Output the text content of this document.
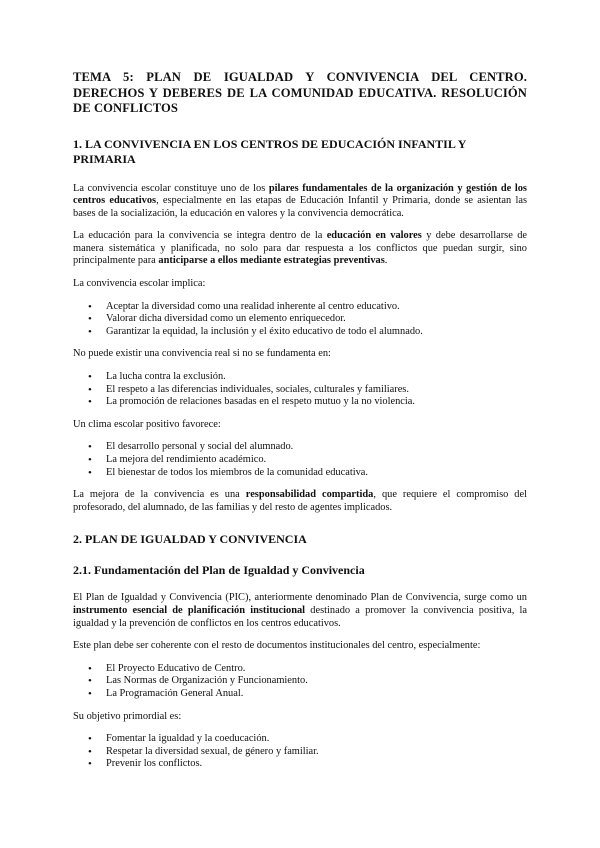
TEMA 5: PLAN DE IGUALDAD Y CONVIVENCIA DEL CENTRO. DERECHOS Y DEBERES DE LA COMUNIDAD EDUCATIVA. RESOLUCIÓN DE CONFLICTOS
1. LA CONVIVENCIA EN LOS CENTROS DE EDUCACIÓN INFANTIL Y PRIMARIA

La convivencia escolar constituye uno de los pilares fundamentales de la organización y gestión de los centros educativos, especialmente en las etapas de Educación Infantil y Primaria, donde se asientan las bases de la socialización, la educación en valores y la convivencia democrática.

La educación para la convivencia se integra dentro de la educación en valores y debe desarrollarse de manera sistemática y planificada, no solo para dar respuesta a los conflictos que puedan surgir, sino principalmente para anticiparse a ellos mediante estrategias preventivas.

La convivencia escolar implica:

• Aceptar la diversidad como una realidad inherente al centro educativo.
• Valorar dicha diversidad como un elemento enriquecedor.
• Garantizar la equidad, la inclusión y el éxito educativo de todo el alumnado.

No puede existir una convivencia real si no se fundamenta en:

• La lucha contra la exclusión.
• El respeto a las diferencias individuales, sociales, culturales y familiares.
• La promoción de relaciones basadas en el respeto mutuo y la no violencia.

Un clima escolar positivo favorece:

• El desarrollo personal y social del alumnado.
• La mejora del rendimiento académico.
• El bienestar de todos los miembros de la comunidad educativa.

La mejora de la convivencia es una responsabilidad compartida, que requiere el compromiso del profesorado, del alumnado, de las familias y del resto de agentes implicados.

2. PLAN DE IGUALDAD Y CONVIVENCIA
2.1. Fundamentación del Plan de Igualdad y Convivencia

El Plan de Igualdad y Convivencia (PIC), anteriormente denominado Plan de Convivencia, surge como un instrumento esencial de planificación institucional destinado a promover la convivencia positiva, la igualdad y la prevención de conflictos en los centros educativos.

Este plan debe ser coherente con el resto de documentos institucionales del centro, especialmente:

• El Proyecto Educativo de Centro.
• Las Normas de Organización y Funcionamiento.
• La Programación General Anual.

Su objetivo primordial es:

• Fomentar la igualdad y la coeducación.
• Respetar la diversidad sexual, de género y familiar.
• Prevenir los conflictos.
